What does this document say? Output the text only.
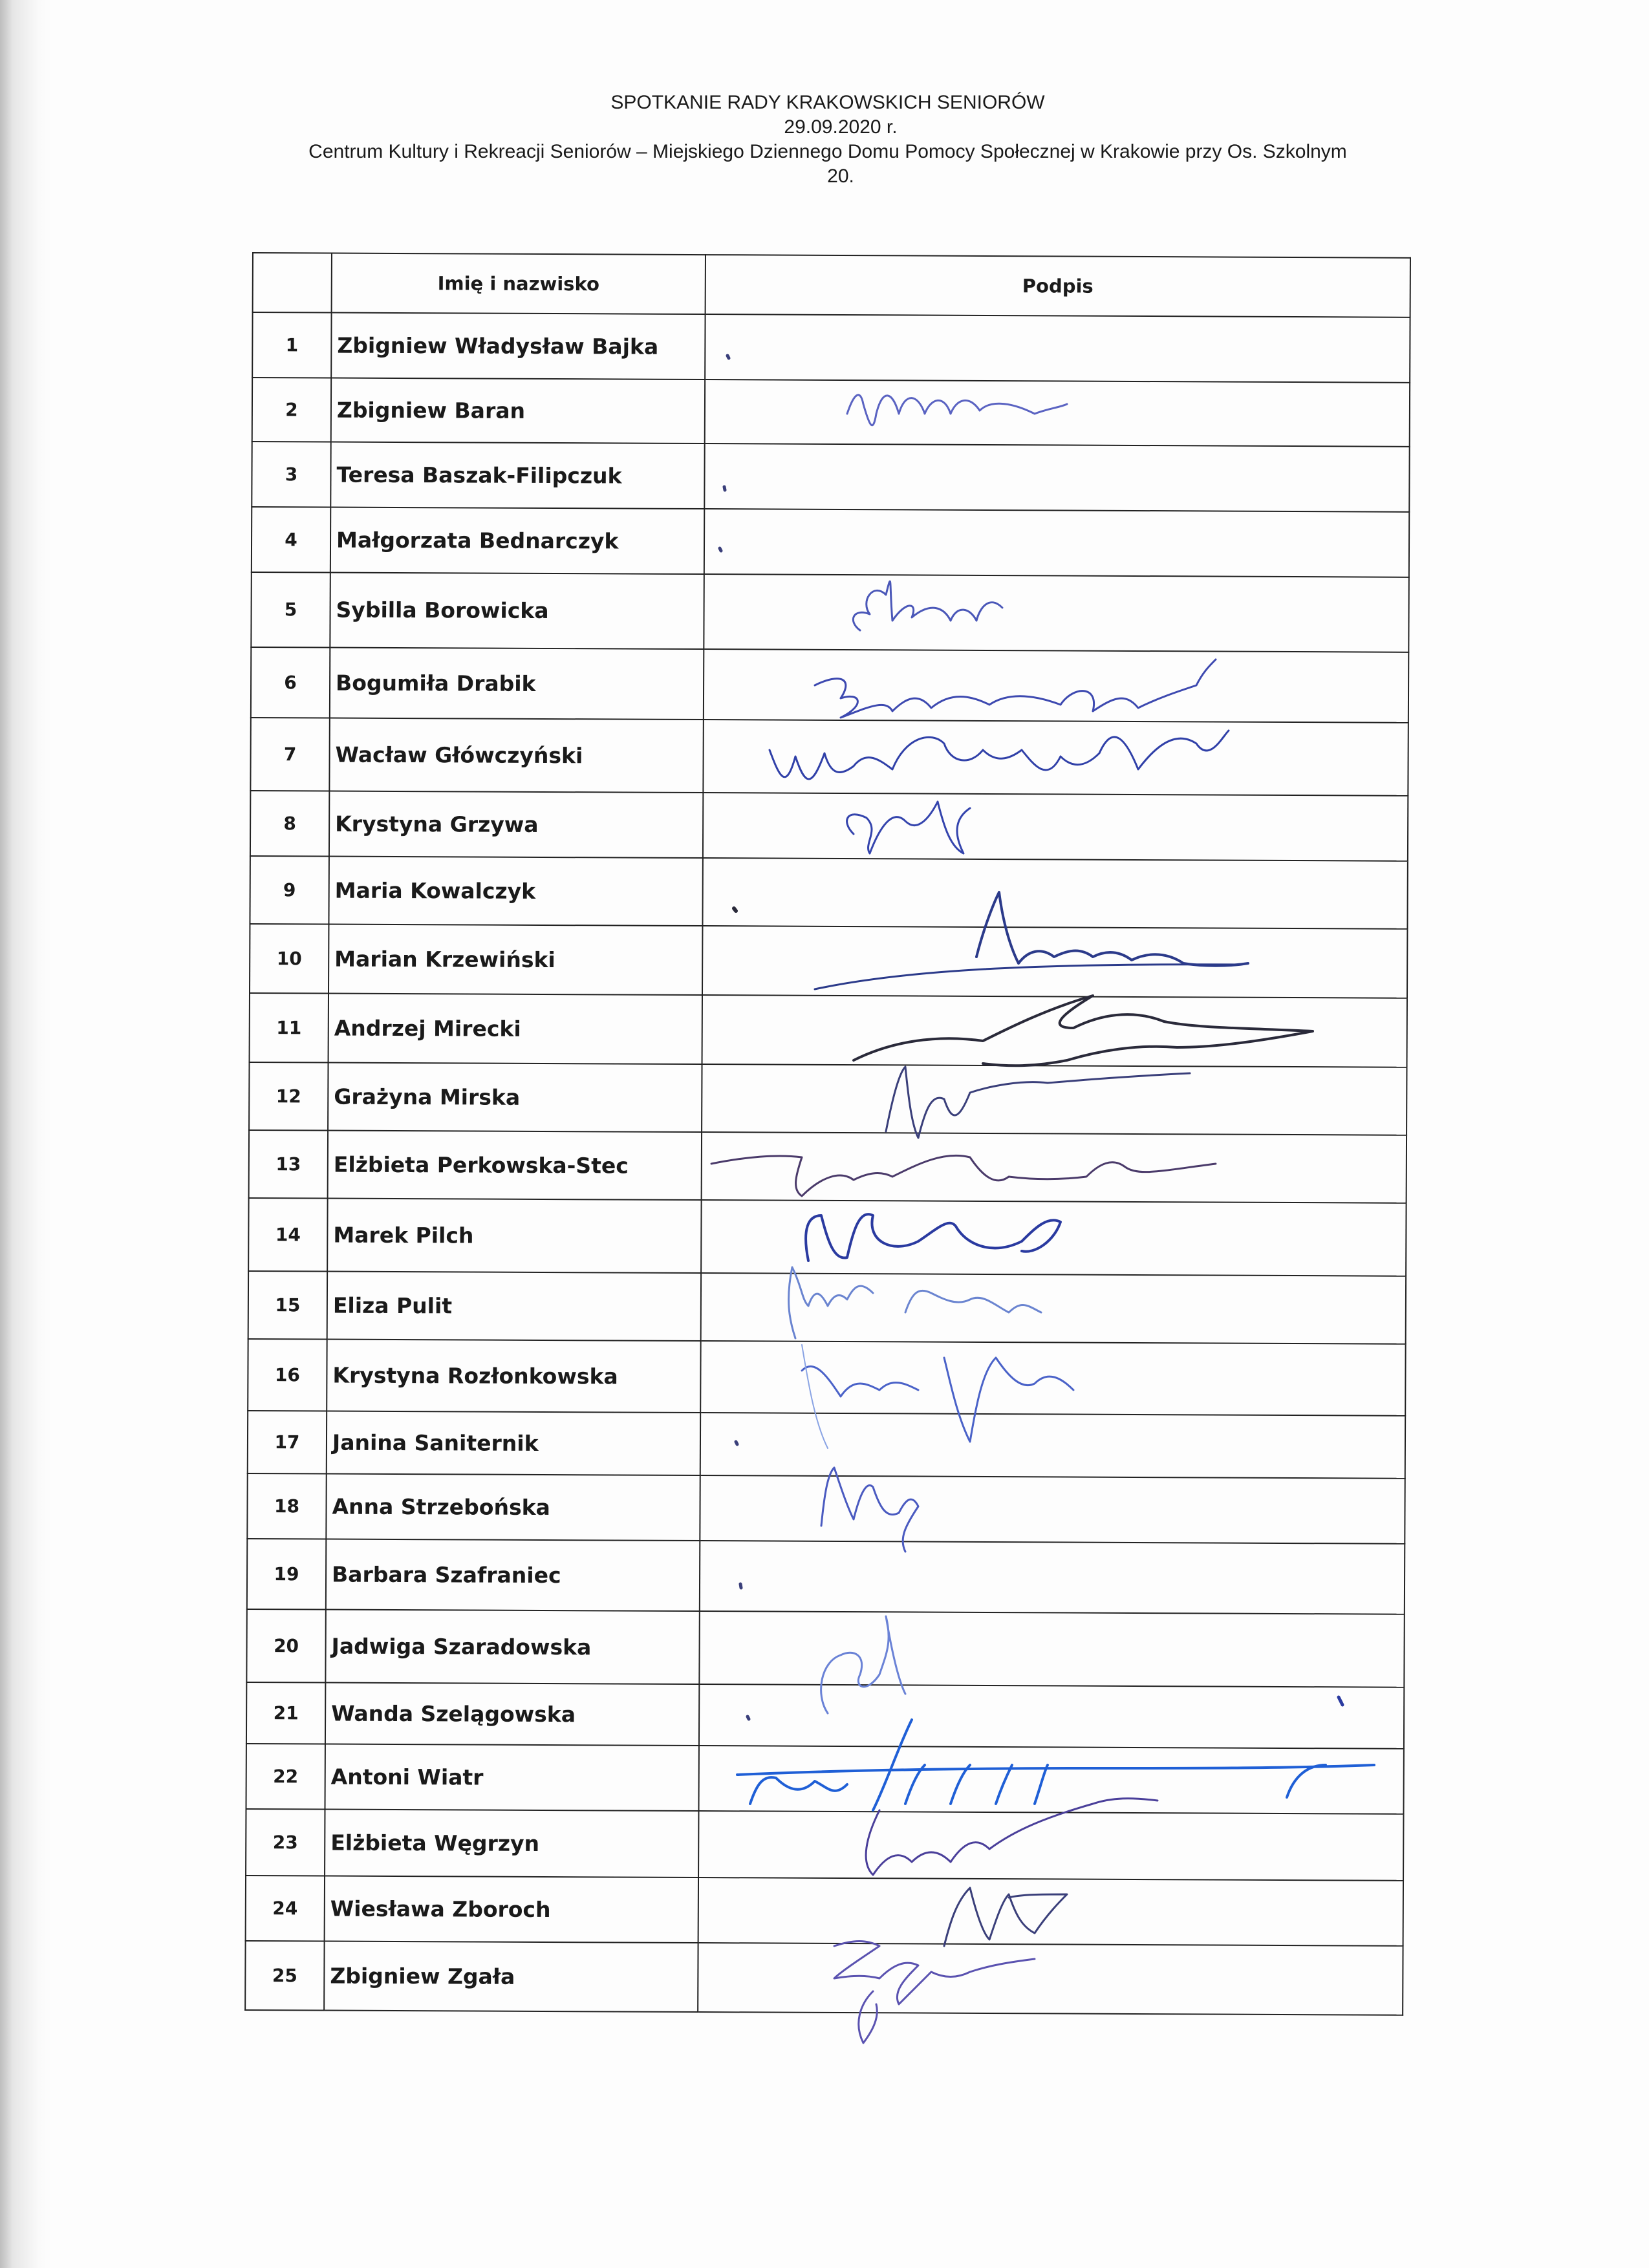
SPOTKANIE RADY KRAKOWSKICH SENIORÓW
29.09.2020 r.
Centrum Kultury i Rekreacji Seniorów – Miejskiego Dziennego Domu Pomocy Społecznej w Krakowie przy Os. Szkolnym
20.
	Imię i nazwisko	Podpis
1	Zbigniew Władysław Bajka	
2	Zbigniew Baran	
3	Teresa Baszak-Filipczuk	
4	Małgorzata Bednarczyk	
5	Sybilla Borowicka	
6	Bogumiła Drabik	
7	Wacław Główczyński	
8	Krystyna Grzywa	
9	Maria Kowalczyk	
10	Marian Krzewiński	
11	Andrzej Mirecki	
12	Grażyna Mirska	
13	Elżbieta Perkowska-Stec	
14	Marek Pilch	
15	Eliza Pulit	
16	Krystyna Rozłonkowska	
17	Janina Saniternik	
18	Anna Strzebońska	
19	Barbara Szafraniec	
20	Jadwiga Szaradowska	
21	Wanda Szelągowska	
22	Antoni Wiatr	
23	Elżbieta Węgrzyn	
24	Wiesława Zboroch	
25	Zbigniew Zgała	
